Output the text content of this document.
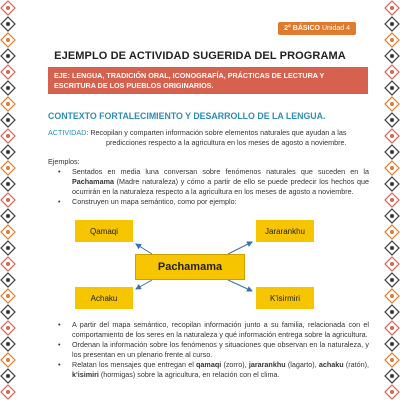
2° BÁSICO Unidad 4
EJEMPLO DE ACTIVIDAD SUGERIDA DEL PROGRAMA
EJE: LENGUA, TRADICIÓN ORAL, ICONOGRAFÍA, PRÁCTICAS DE LECTURA Y ESCRITURA DE LOS PUEBLOS ORIGINARIOS.
CONTEXTO FORTALECIMIENTO Y DESARROLLO DE LA LENGUA.
ACTIVIDAD: Recopilan y comparten información sobre elementos naturales que ayudan a las
predicciones respecto a la agricultura en los meses de agosto a noviembre.
Ejemplos:
• Sentados en media luna conversan sobre fenómenos naturales que suceden en la Pachamama (Madre naturaleza) y cómo a partir de ello se puede predecir los hechos que ocurrirán en la naturaleza respecto a la agricultura en los meses de agosto a noviembre.
• Construyen un mapa semántico, como por ejemplo:
Qamaqi	Jararankhu
Pachamama
Achaku	K'isirmiri
• A partir del mapa semántico, recopilan información junto a su familia, relacionada con el comportamiento de los seres en la naturaleza y qué información entrega sobre la agricultura.
• Ordenan la información sobre los fenómenos y situaciones que observan en la naturaleza, y los presentan en un plenario frente al curso.
• Relatan los mensajes que entregan el qamaqi (zorro), jararankhu (lagarto), achaku (ratón), k'isimiri (hormigas) sobre la agricultura, en relación con el clima.
